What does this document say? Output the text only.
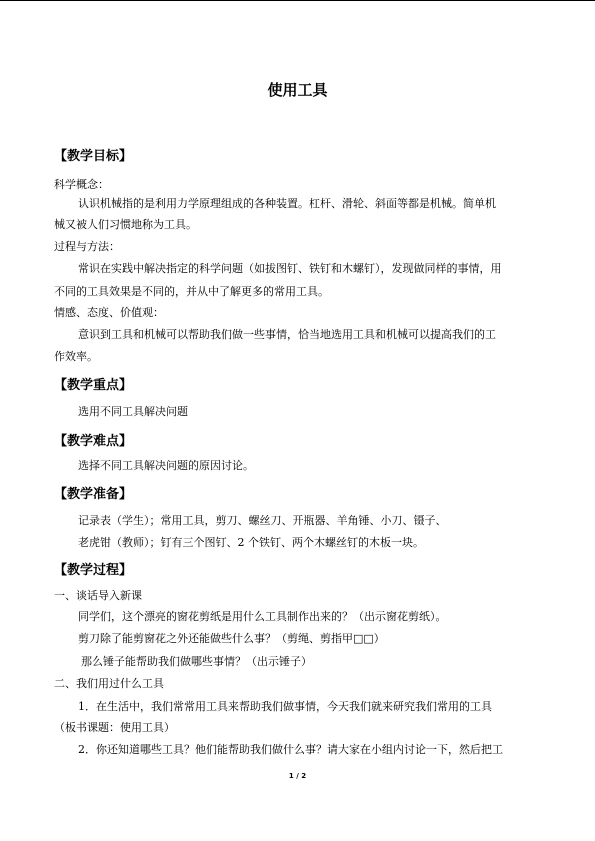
使用工具
【教学目标】
科学概念：
认识机械指的是利用力学原理组成的各种装置。杠杆、滑轮、斜面等都是机械。简单机
械又被人们习惯地称为工具。
过程与方法：
常识在实践中解决指定的科学问题（如拔图钉、铁钉和木螺钉），发现做同样的事情，用
不同的工具效果是不同的，并从中了解更多的常用工具。
情感、态度、价值观：
意识到工具和机械可以帮助我们做一些事情，恰当地选用工具和机械可以提高我们的工
作效率。
【教学重点】
选用不同工具解决问题
【教学难点】
选择不同工具解决问题的原因讨论。
【教学准备】
记录表（学生）；常用工具，剪刀、螺丝刀、开瓶器、羊角锤、小刀、镊子、
老虎钳（教师）；钉有三个图钉、2 个铁钉、两个木螺丝钉的木板一块。
【教学过程】
一、谈话导入新课
同学们，这个漂亮的窗花剪纸是用什么工具制作出来的？（出示窗花剪纸）。
剪刀除了能剪窗花之外还能做些什么事？（剪绳、剪指甲□□）
那么锤子能帮助我们做哪些事情？（出示锤子）
二、我们用过什么工具
1．在生活中，我们常常用工具来帮助我们做事情，今天我们就来研究我们常用的工具
（板书课题：使用工具）
2．你还知道哪些工具？他们能帮助我们做什么事？请大家在小组内讨论一下，然后把工
1 / 2
